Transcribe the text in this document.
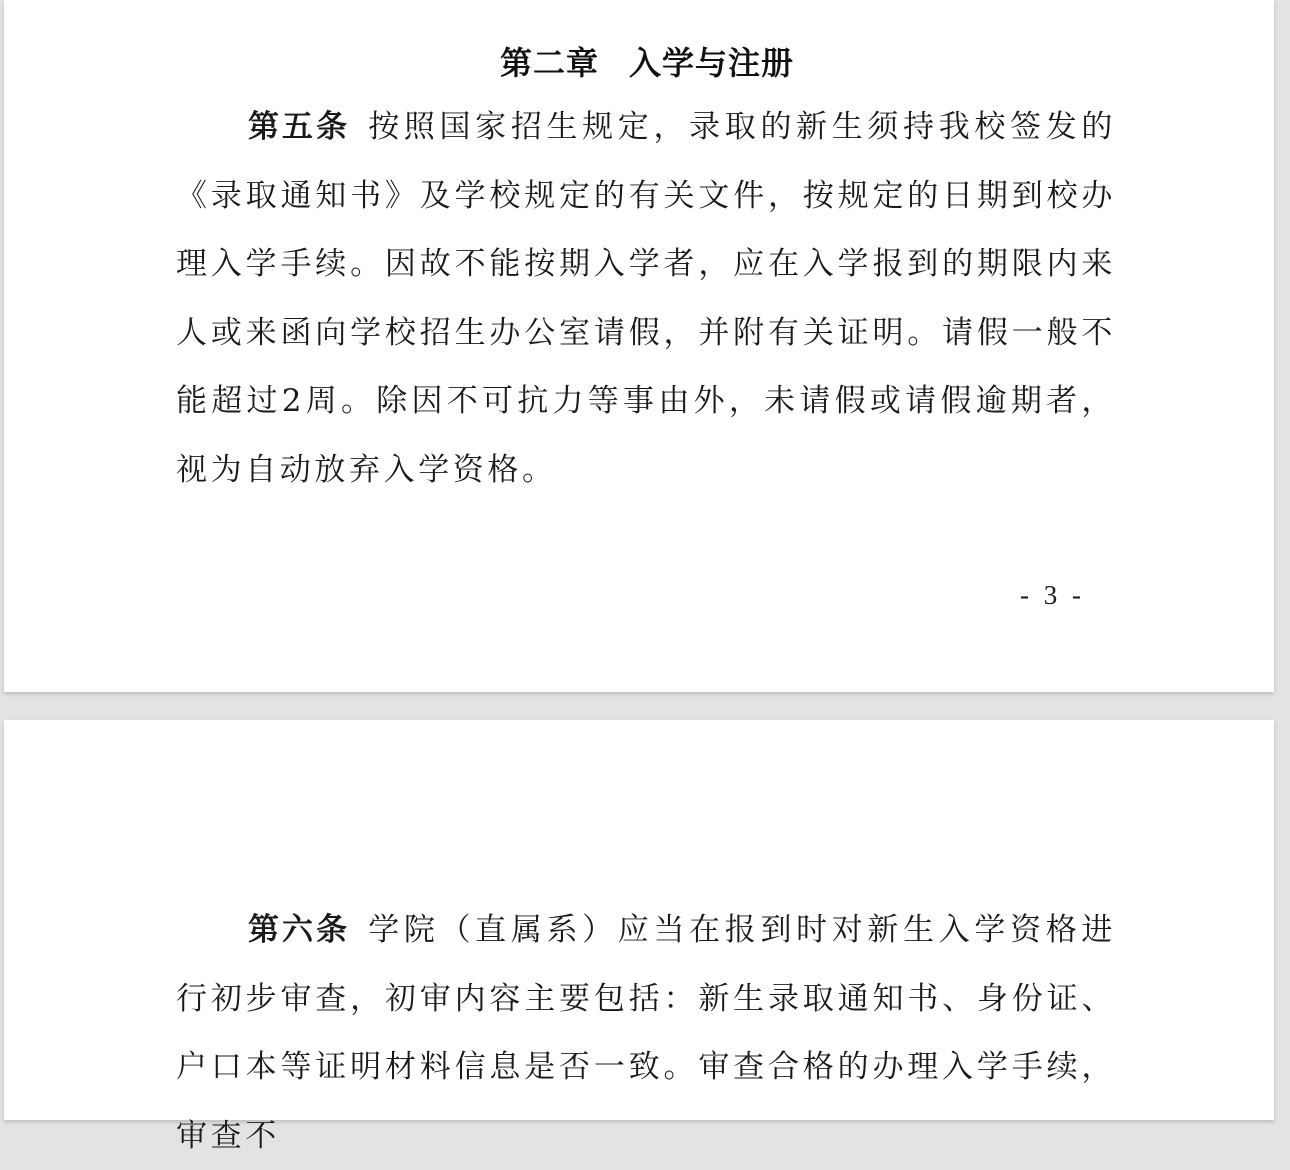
第二章 入学与注册

第五条 按照国家招生规定，录取的新生须持我校签发的《录取通知书》及学校规定的有关文件，按规定的日期到校办理入学手续。因故不能按期入学者，应在入学报到的期限内来人或来函向学校招生办公室请假，并附有关证明。请假一般不能超过2周。除因不可抗力等事由外，未请假或请假逾期者，视为自动放弃入学资格。

- 3 -

第六条 学院（直属系）应当在报到时对新生入学资格进行初步审查，初审内容主要包括：新生录取通知书、身份证、户口本等证明材料信息是否一致。审查合格的办理入学手续，审查不
